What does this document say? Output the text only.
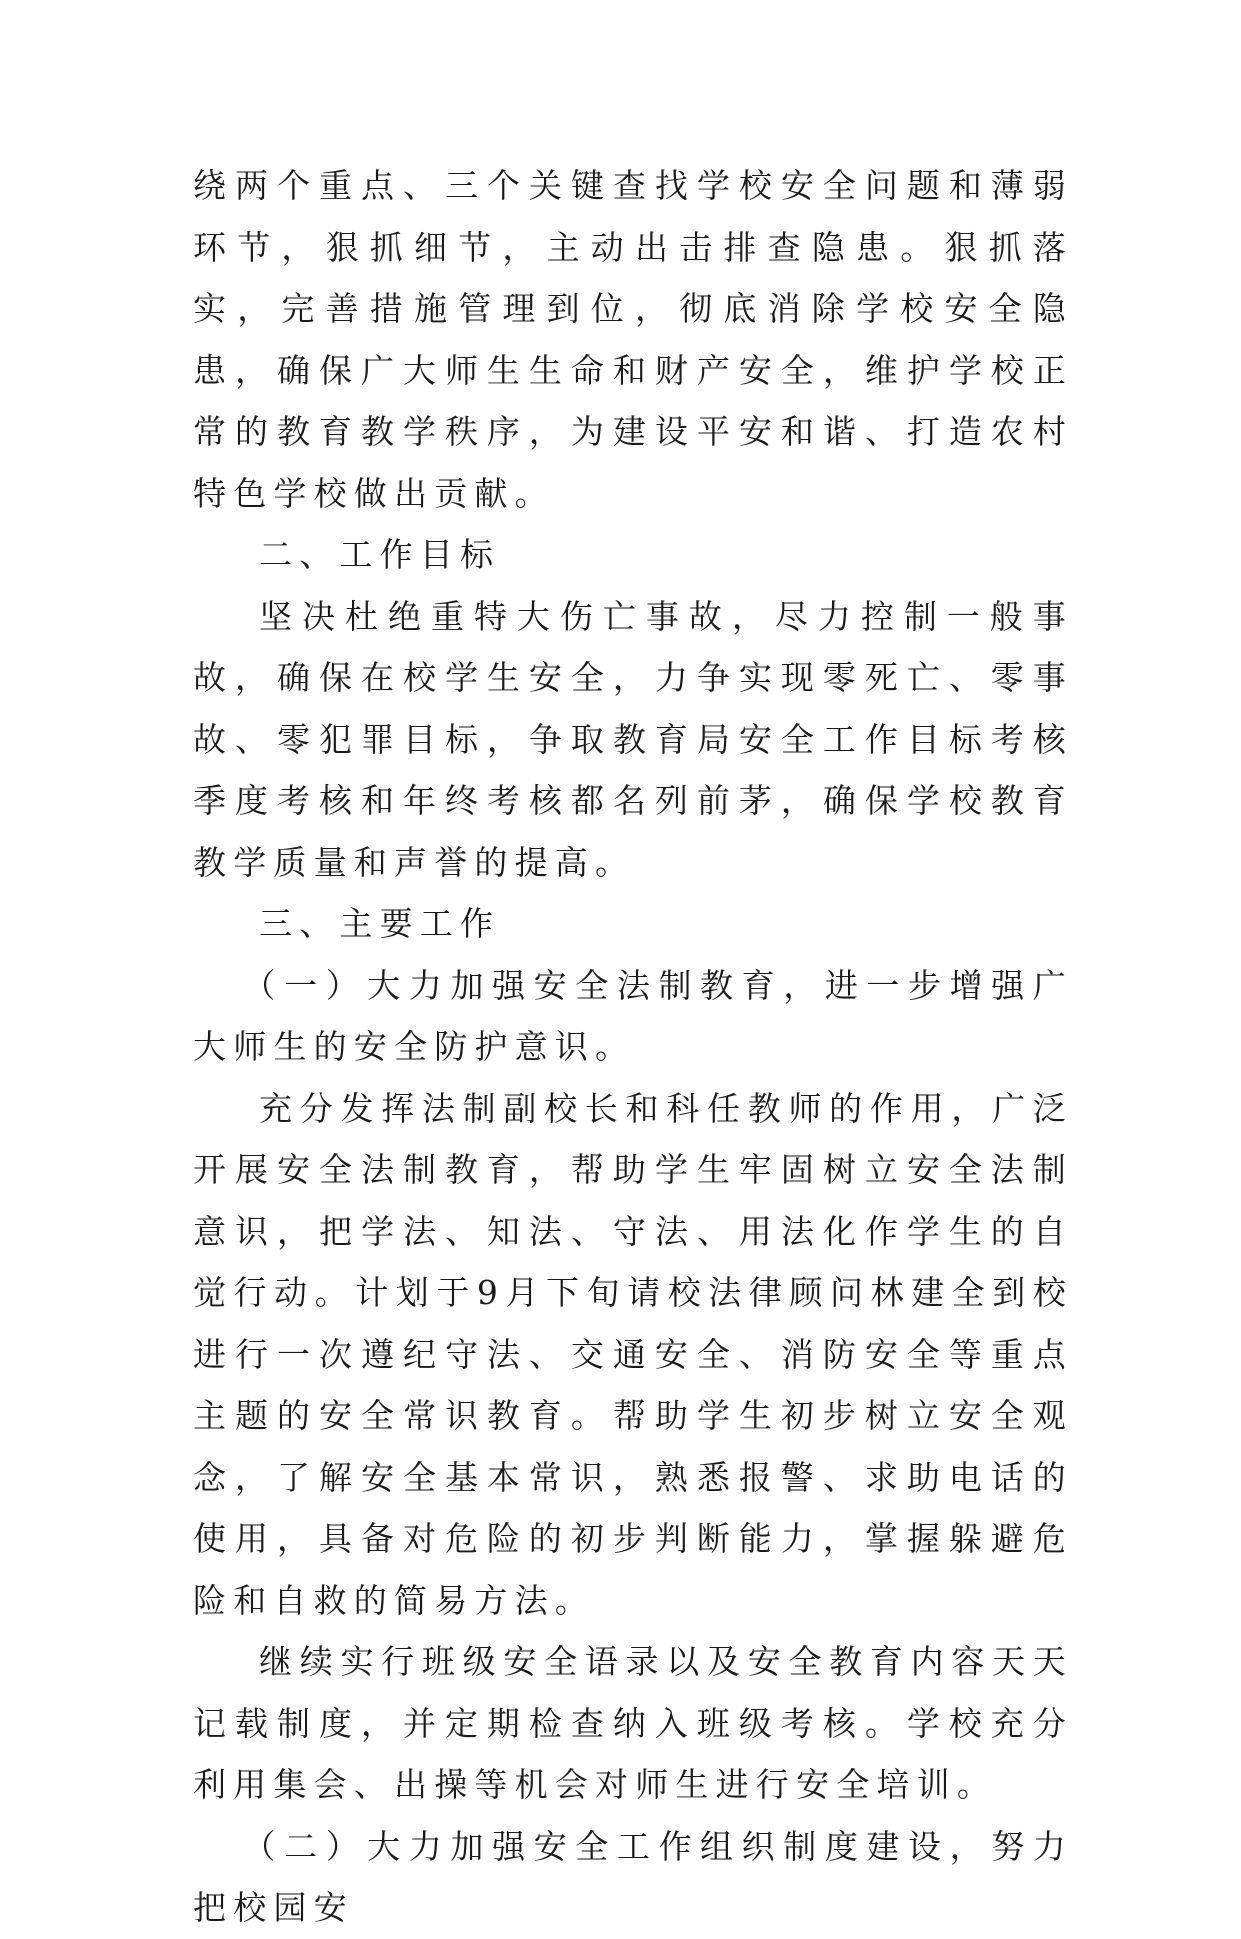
绕两个重点、三个关键查找学校安全问题和薄弱环节，狠抓细节，主动出击排查隐患。狠抓落实，完善措施管理到位，彻底消除学校安全隐患，确保广大师生生命和财产安全，维护学校正常的教育教学秩序，为建设平安和谐、打造农村特色学校做出贡献。

二、工作目标

坚决杜绝重特大伤亡事故，尽力控制一般事故，确保在校学生安全，力争实现零死亡、零事故、零犯罪目标，争取教育局安全工作目标考核季度考核和年终考核都名列前茅，确保学校教育教学质量和声誉的提高。

三、主要工作

（一）大力加强安全法制教育，进一步增强广大师生的安全防护意识。

充分发挥法制副校长和科任教师的作用，广泛开展安全法制教育，帮助学生牢固树立安全法制意识，把学法、知法、守法、用法化作学生的自觉行动。计划于9月下旬请校法律顾问林建全到校进行一次遵纪守法、交通安全、消防安全等重点主题的安全常识教育。帮助学生初步树立安全观念，了解安全基本常识，熟悉报警、求助电话的使用，具备对危险的初步判断能力，掌握躲避危险和自救的简易方法。

继续实行班级安全语录以及安全教育内容天天记载制度，并定期检查纳入班级考核。学校充分利用集会、出操等机会对师生进行安全培训。

（二）大力加强安全工作组织制度建设，努力把校园安
